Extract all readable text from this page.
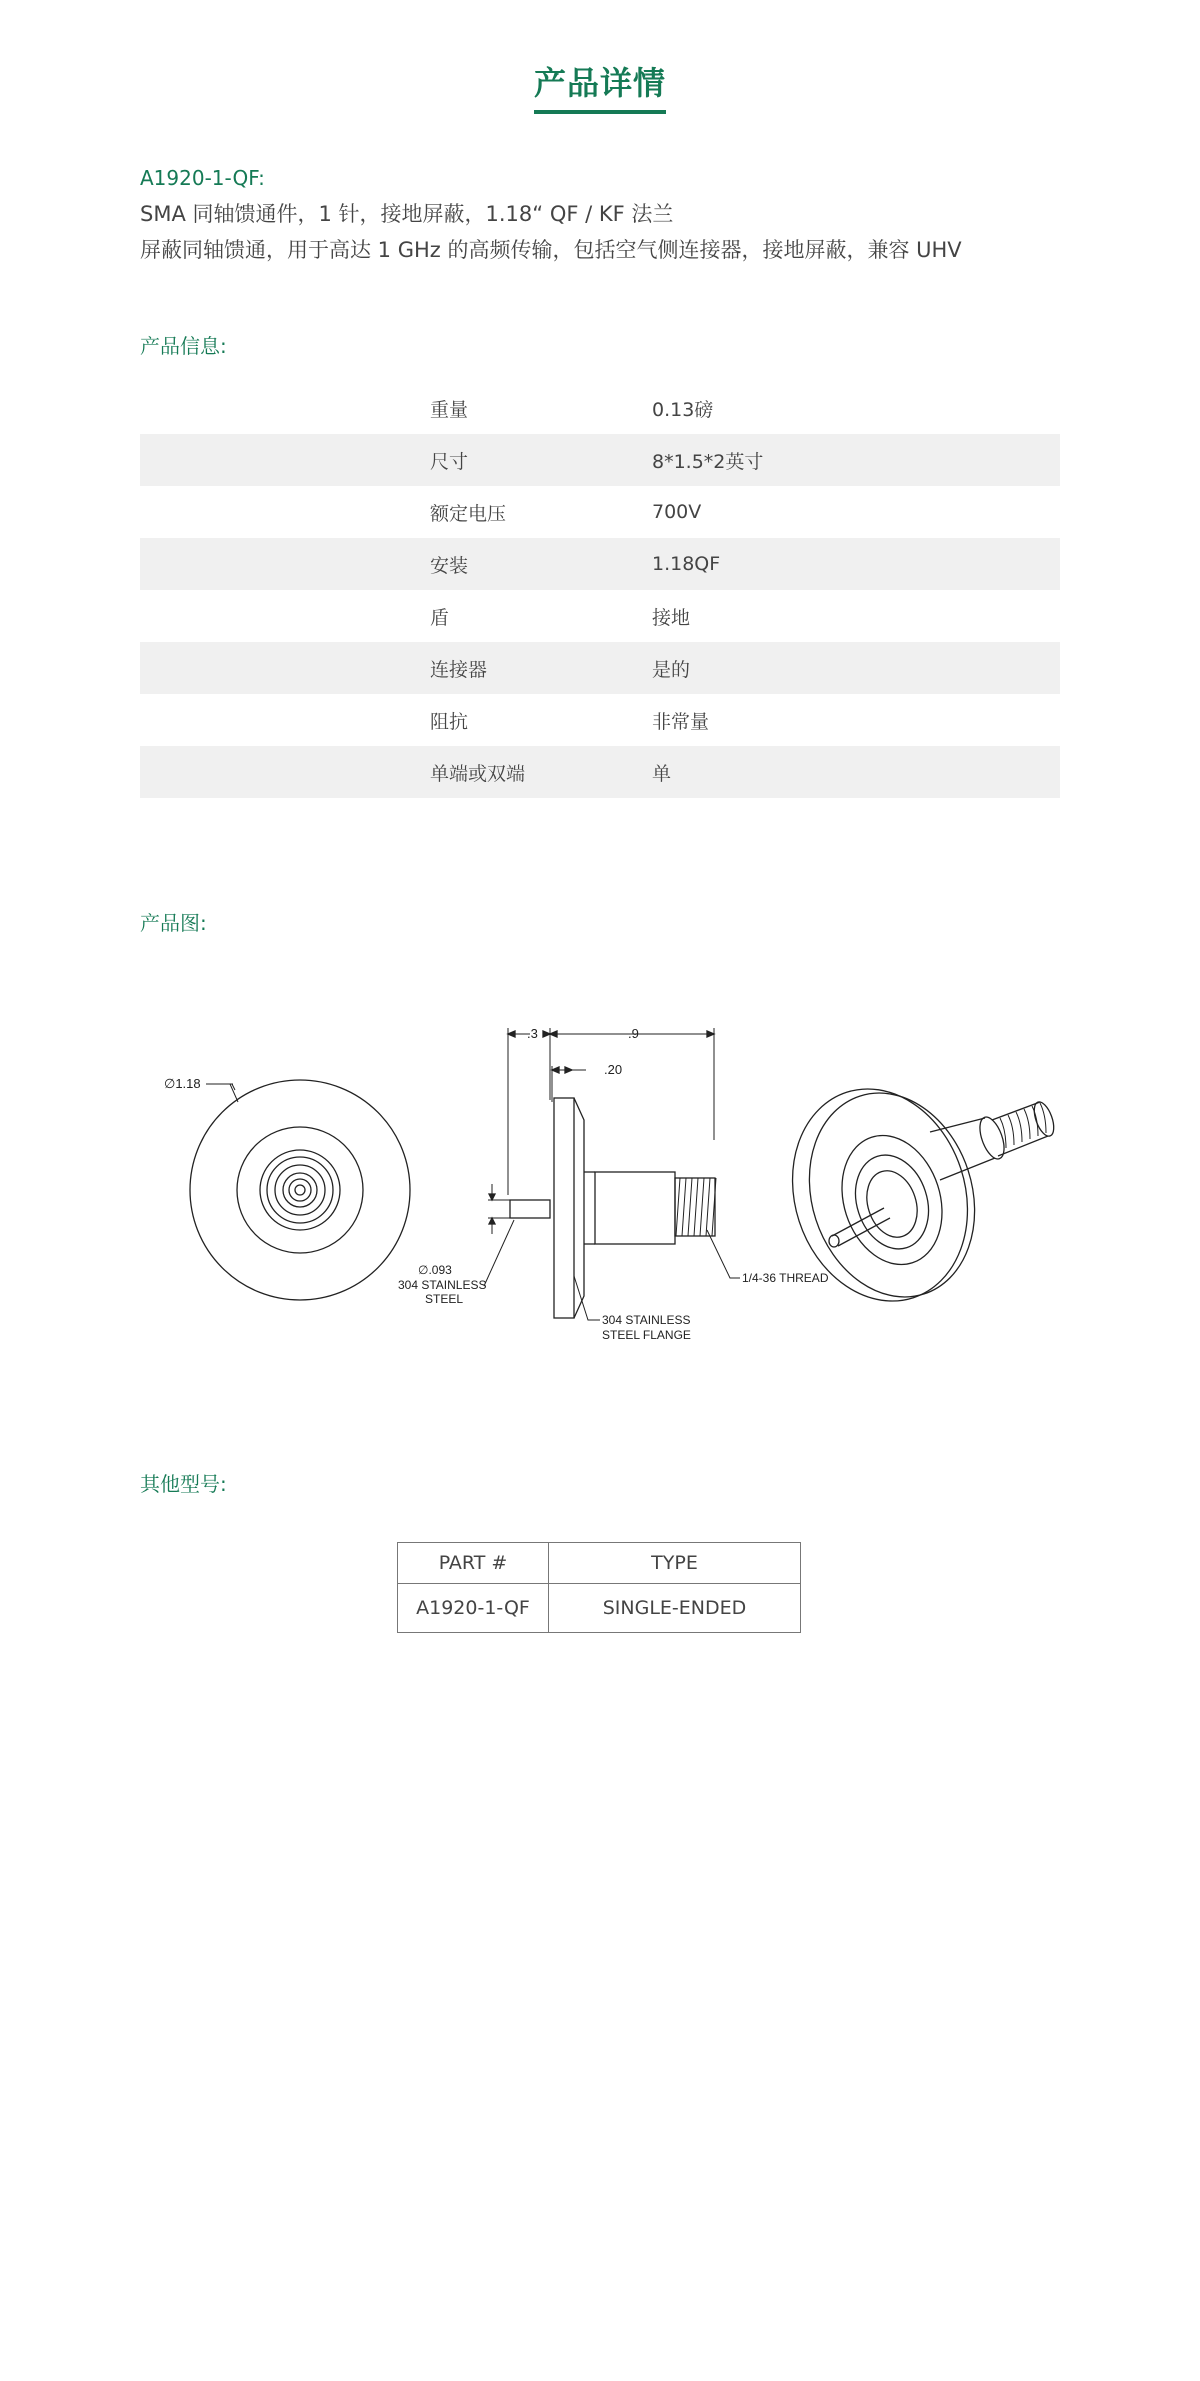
产品详情
A1920-1-QF:
SMA 同轴馈通件，1 针，接地屏蔽，1.18“ QF / KF 法兰
屏蔽同轴馈通，用于高达 1 GHz 的高频传输，包括空气侧连接器，接地屏蔽，兼容 UHV
产品信息:
重量	0.13磅
尺寸	8*1.5*2英寸
额定电压	700V
安装	1.18QF
盾	接地
连接器	是的
阻抗	非常量
单端或双端	单
产品图:
∅1.18
.3	.9
.20
∅.093
304 STAINLESS
STEEL
1/4-36 THREAD
304 STAINLESS
STEEL FLANGE
其他型号:
PART #	TYPE
A1920-1-QF	SINGLE-ENDED
